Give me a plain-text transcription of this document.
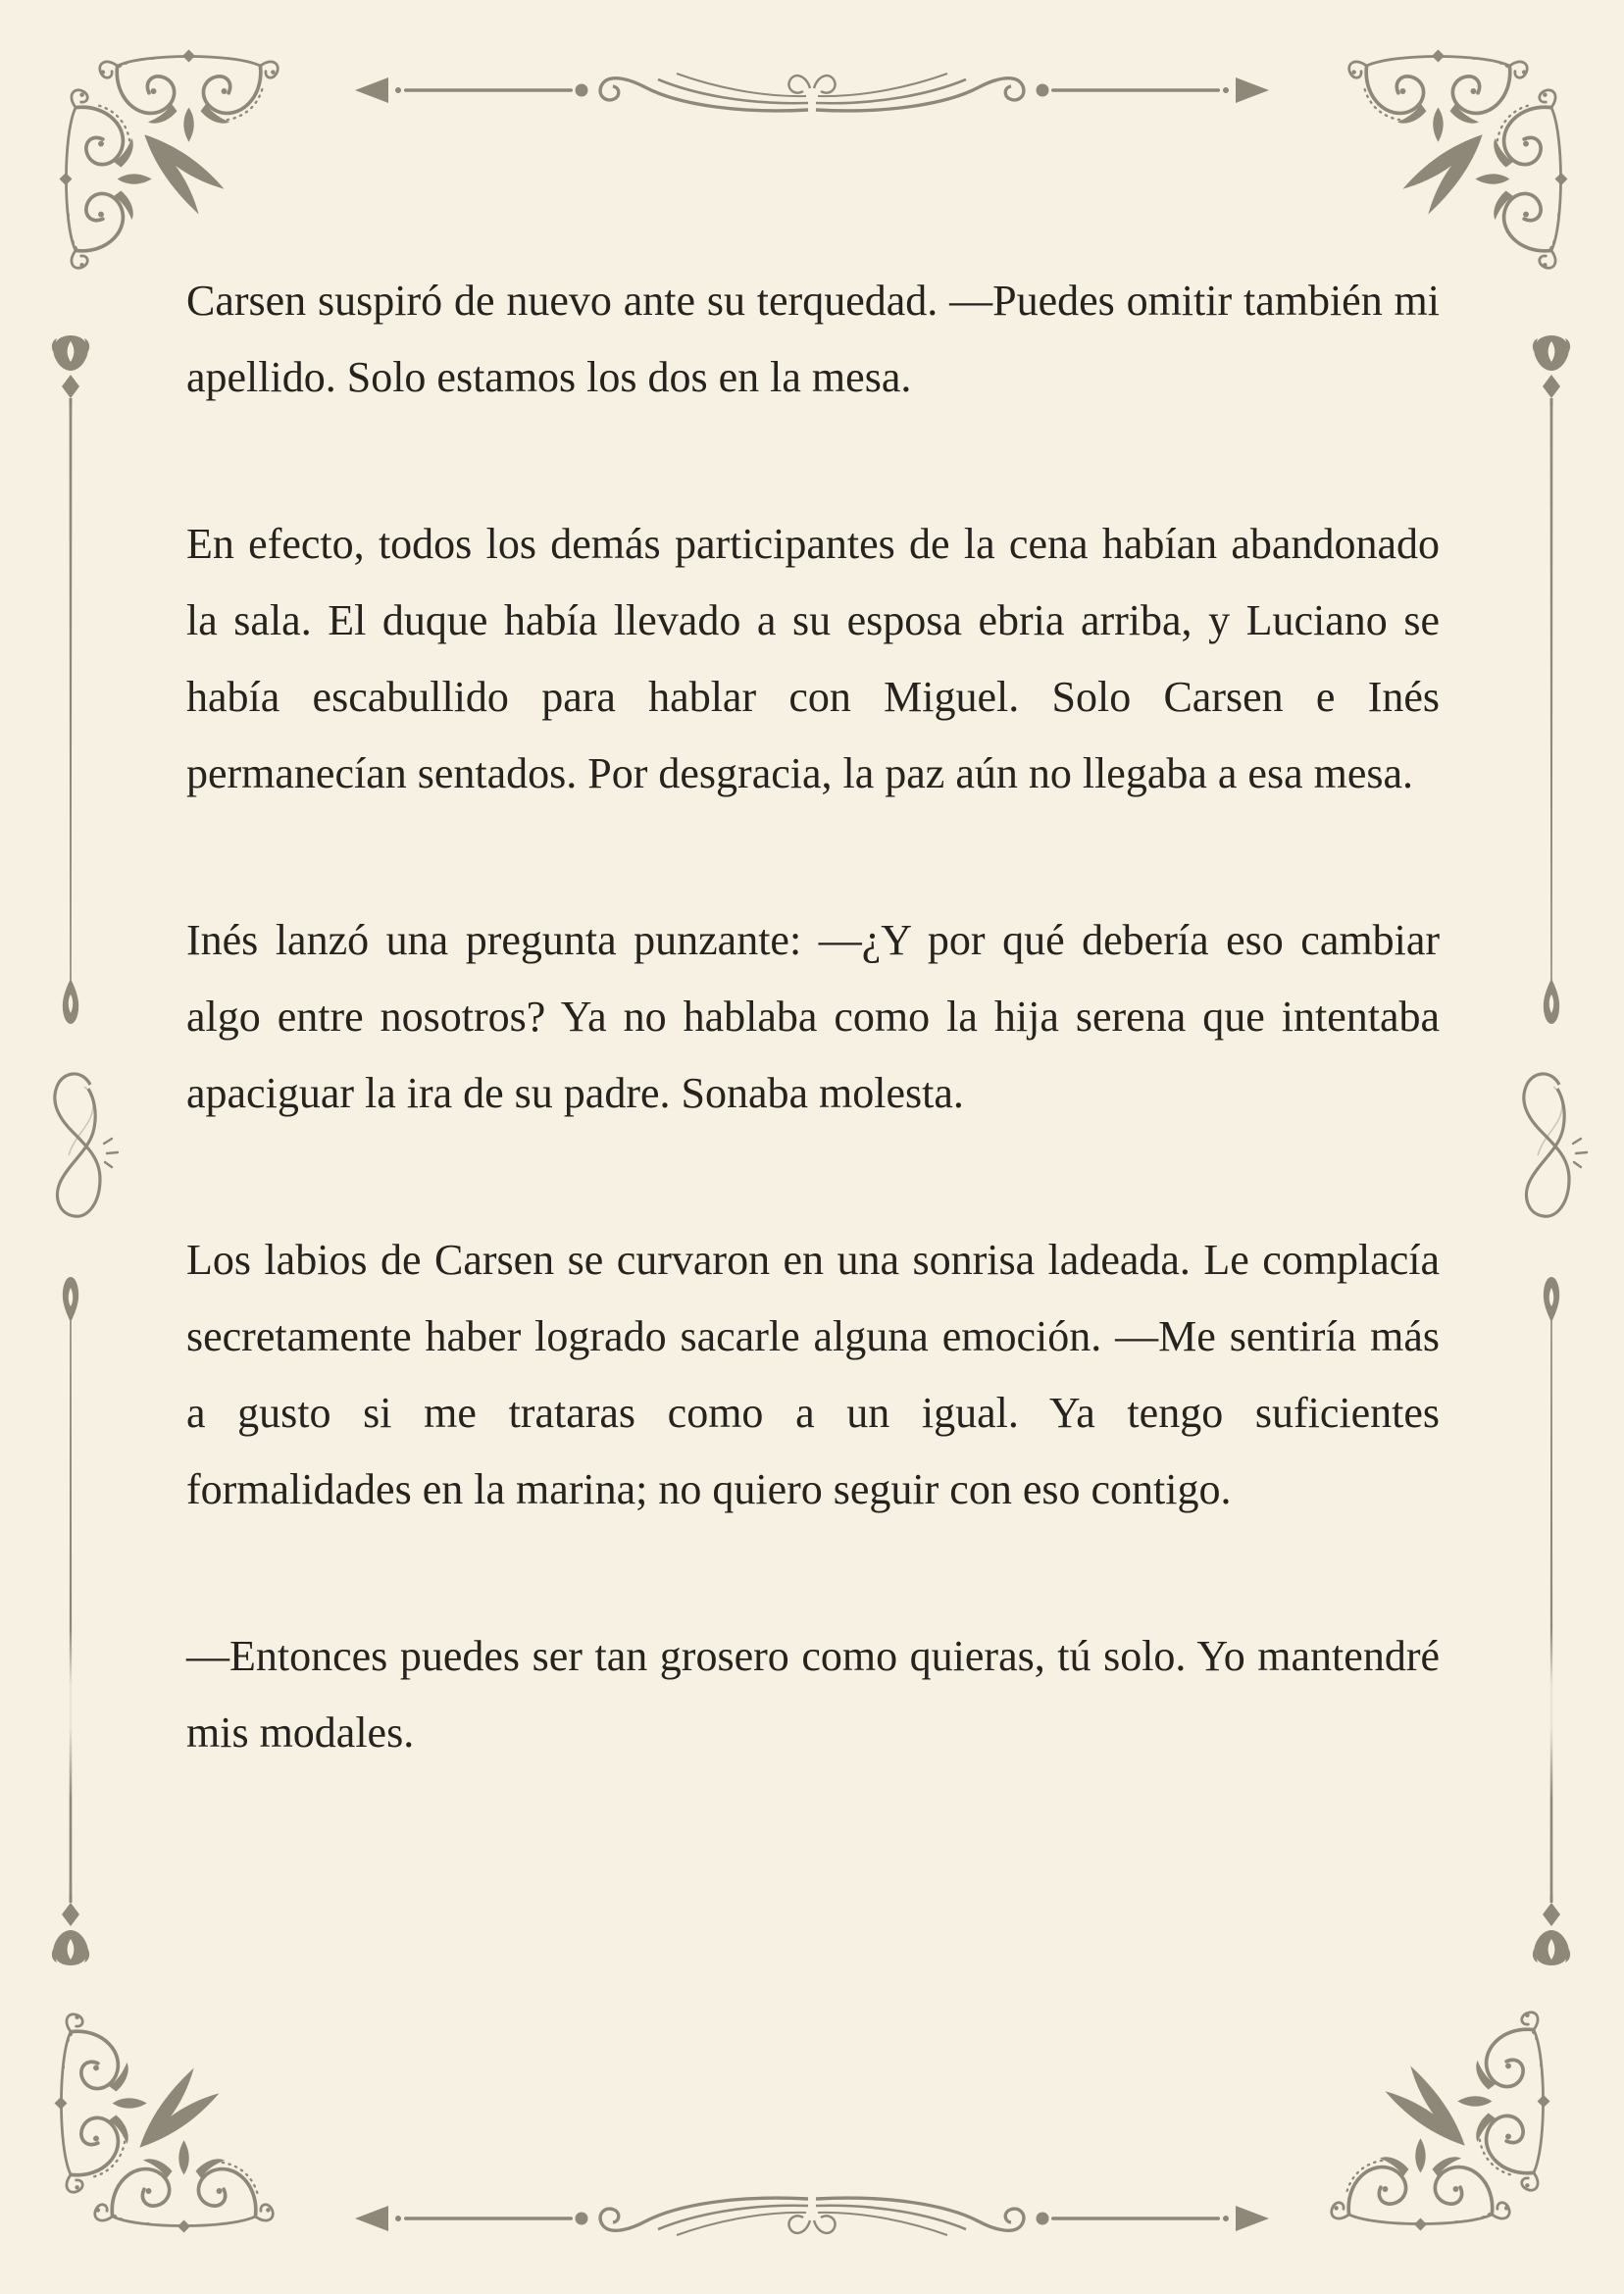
Carsen suspiró de nuevo ante su terquedad. —Puedes omitir también mi apellido. Solo estamos los dos en la mesa.

En efecto, todos los demás participantes de la cena habían abandonado la sala. El duque había llevado a su esposa ebria arriba, y Luciano se había escabullido para hablar con Miguel. Solo Carsen e Inés permanecían sentados. Por desgracia, la paz aún no llegaba a esa mesa.

Inés lanzó una pregunta punzante: —¿Y por qué debería eso cambiar algo entre nosotros? Ya no hablaba como la hija serena que intentaba apaciguar la ira de su padre. Sonaba molesta.

Los labios de Carsen se curvaron en una sonrisa ladeada. Le complacía secretamente haber logrado sacarle alguna emoción. —Me sentiría más a gusto si me trataras como a un igual. Ya tengo suficientes formalidades en la marina; no quiero seguir con eso contigo.

—Entonces puedes ser tan grosero como quieras, tú solo. Yo mantendré mis modales.
